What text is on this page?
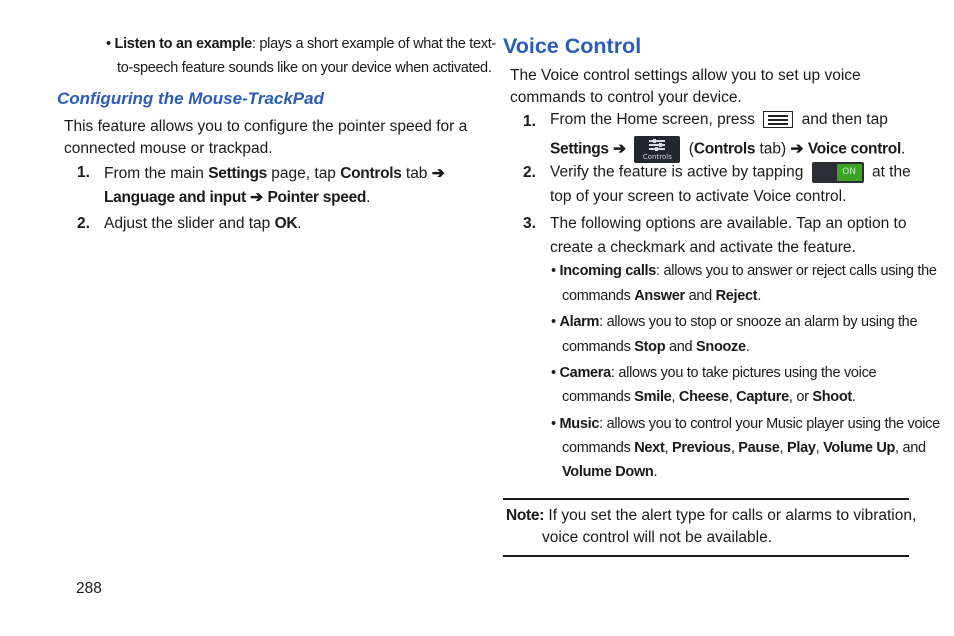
• Listen to an example: plays a short example of what the text-
to-speech feature sounds like on your device when activated.
Configuring the Mouse-TrackPad
This feature allows you to configure the pointer speed for a
connected mouse or trackpad.
1. From the main Settings page, tap Controls tab ➔
Language and input ➔ Pointer speed.
2. Adjust the slider and tap OK.
288
Voice Control
The Voice control settings allow you to set up voice
commands to control your device.
1. From the Home screen, press	and then tap
Settings ➔	Controls	(Controls tab) ➔ Voice control.
2. Verify the feature is active by tapping	ON	at the
top of your screen to activate Voice control.
3. The following options are available. Tap an option to
create a checkmark and activate the feature.
• Incoming calls: allows you to answer or reject calls using the
commands Answer and Reject.
• Alarm: allows you to stop or snooze an alarm by using the
commands Stop and Snooze.
• Camera: allows you to take pictures using the voice
commands Smile, Cheese, Capture, or Shoot.
• Music: allows you to control your Music player using the voice
commands Next, Previous, Pause, Play, Volume Up, and
Volume Down.
Note: If you set the alert type for calls or alarms to vibration,
voice control will not be available.
